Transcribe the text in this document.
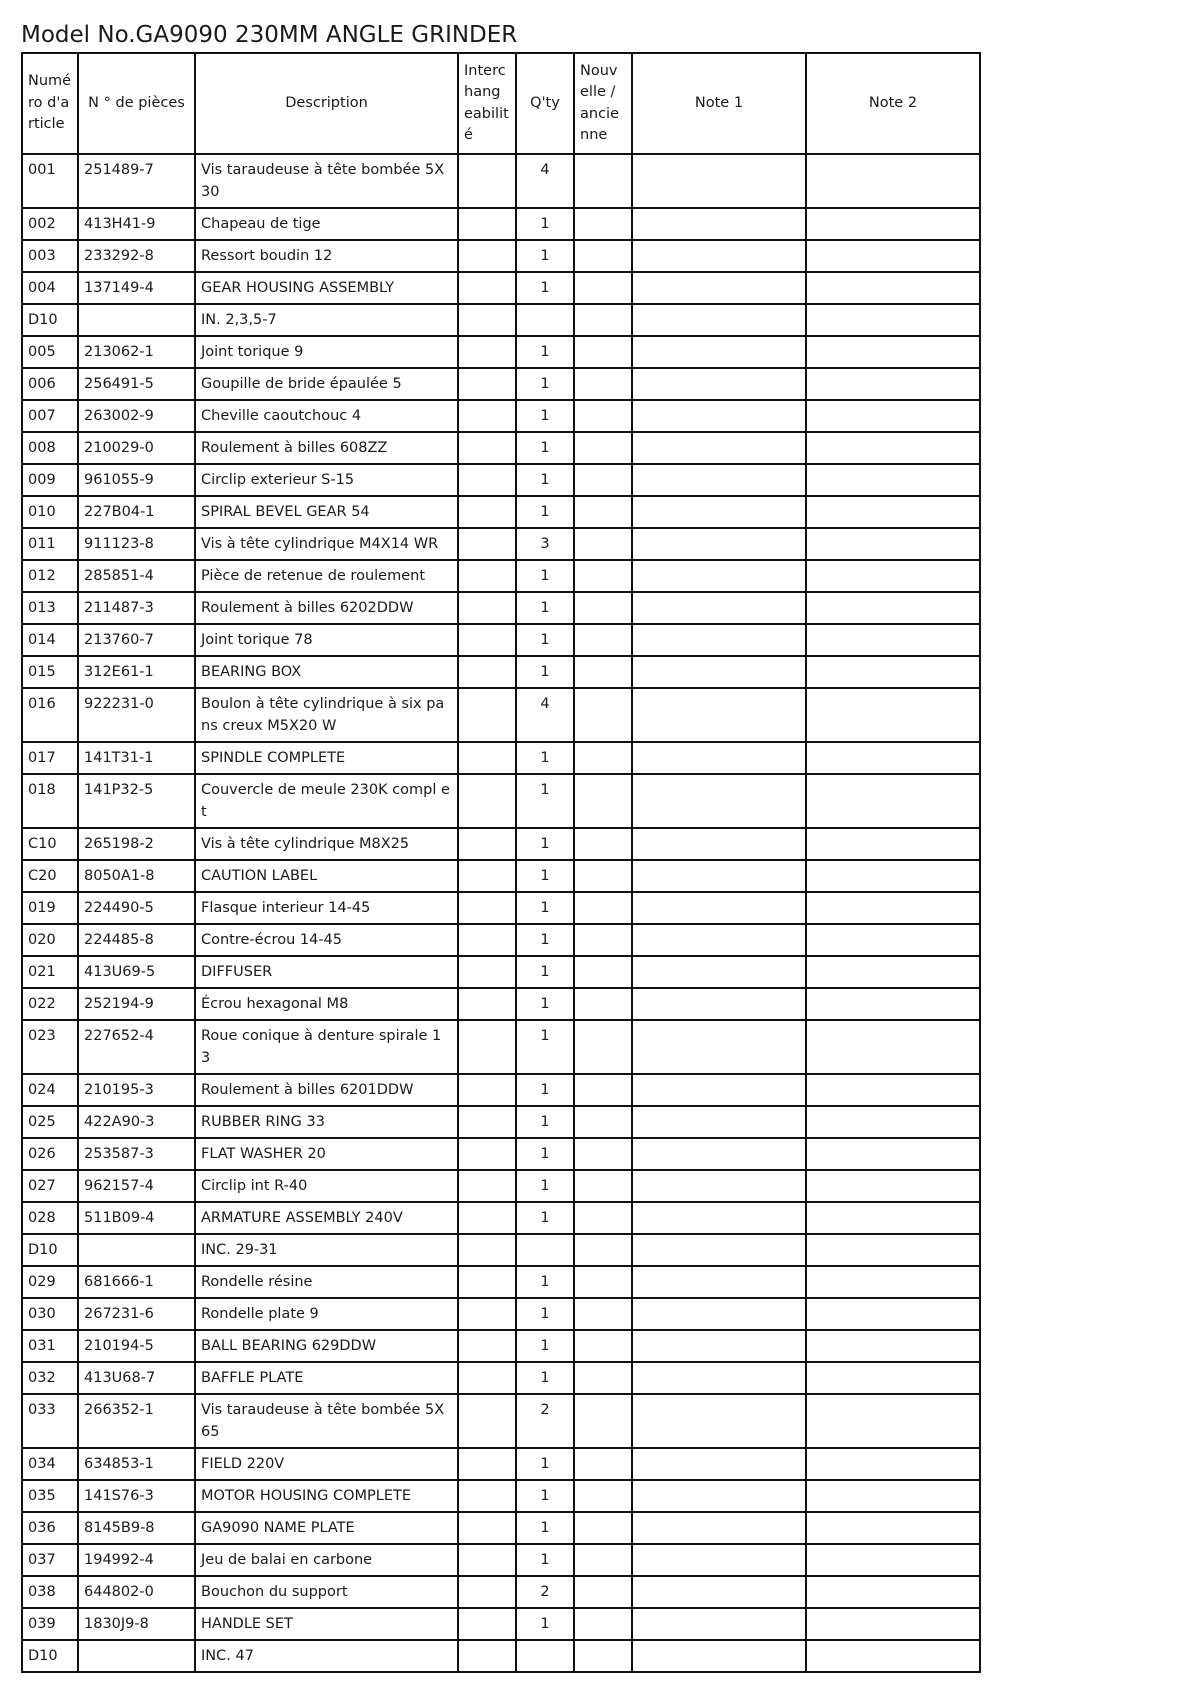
Model No.GA9090 230MM ANGLE GRINDER
Numé ro d'a rticle	N ° de pièces	Description	Interc hang eabilit é	Q'ty	Nouv elle / ancie nne	Note 1	Note 2
001	251489-7	Vis taraudeuse à tête bombée 5X 30		4			
002	413H41-9	Chapeau de tige		1			
003	233292-8	Ressort boudin 12		1			
004	137149-4	GEAR HOUSING ASSEMBLY		1			
D10		IN. 2,3,5-7					
005	213062-1	Joint torique 9		1			
006	256491-5	Goupille de bride épaulée 5		1			
007	263002-9	Cheville caoutchouc 4		1			
008	210029-0	Roulement à billes 608ZZ		1			
009	961055-9	Circlip exterieur S-15		1			
010	227B04-1	SPIRAL BEVEL GEAR 54		1			
011	911123-8	Vis à tête cylindrique M4X14 WR		3			
012	285851-4	Pièce de retenue de roulement		1			
013	211487-3	Roulement à billes 6202DDW		1			
014	213760-7	Joint torique 78		1			
015	312E61-1	BEARING BOX		1			
016	922231-0	Boulon à tête cylindrique à six pa ns creux M5X20 W		4			
017	141T31-1	SPINDLE COMPLETE		1			
018	141P32-5	Couvercle de meule 230K compl et		1			
C10	265198-2	Vis à tête cylindrique M8X25		1			
C20	8050A1-8	CAUTION LABEL		1			
019	224490-5	Flasque interieur 14-45		1			
020	224485-8	Contre-écrou 14-45		1			
021	413U69-5	DIFFUSER		1			
022	252194-9	Écrou hexagonal M8		1			
023	227652-4	Roue conique à denture spirale 1 3		1			
024	210195-3	Roulement à billes 6201DDW		1			
025	422A90-3	RUBBER RING 33		1			
026	253587-3	FLAT WASHER 20		1			
027	962157-4	Circlip int R-40		1			
028	511B09-4	ARMATURE ASSEMBLY 240V		1			
D10		INC. 29-31					
029	681666-1	Rondelle résine		1			
030	267231-6	Rondelle plate 9		1			
031	210194-5	BALL BEARING 629DDW		1			
032	413U68-7	BAFFLE PLATE		1			
033	266352-1	Vis taraudeuse à tête bombée 5X 65		2			
034	634853-1	FIELD 220V		1			
035	141S76-3	MOTOR HOUSING COMPLETE		1			
036	8145B9-8	GA9090 NAME PLATE		1			
037	194992-4	Jeu de balai en carbone		1			
038	644802-0	Bouchon du support		2			
039	1830J9-8	HANDLE SET		1			
D10		INC. 47					
